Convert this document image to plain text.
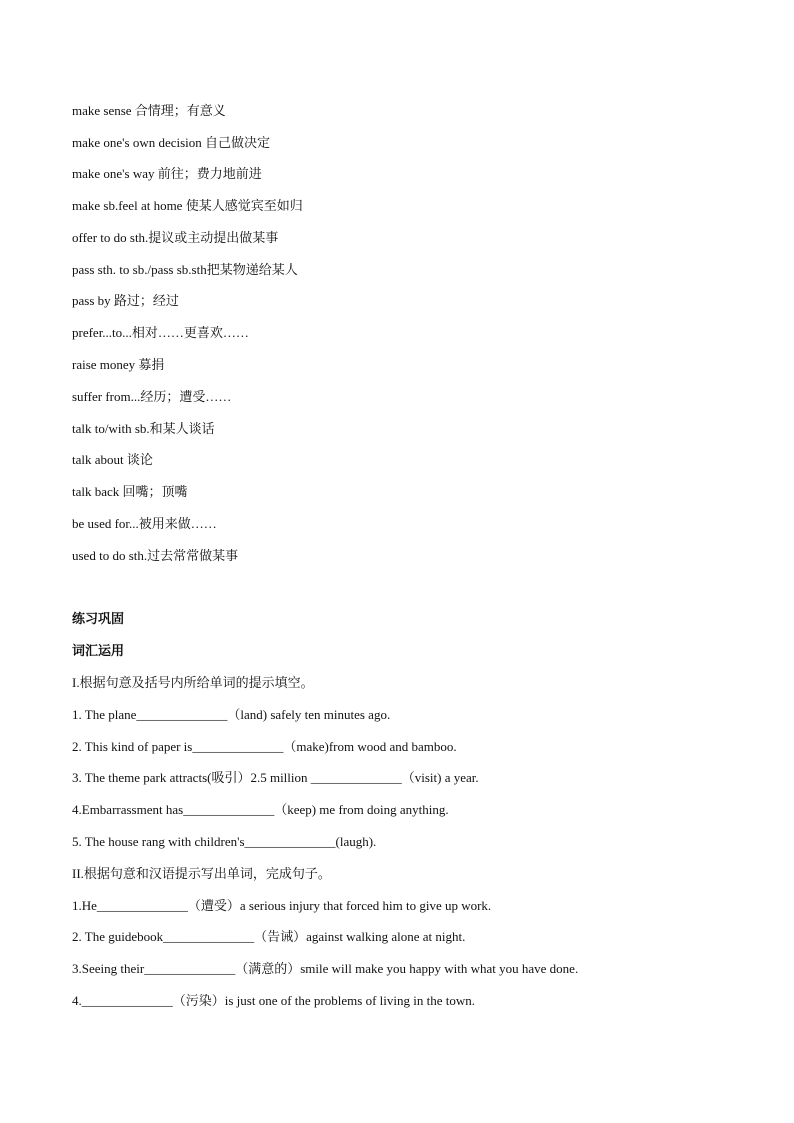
make sense 合情理；有意义
make one's own decision 自己做决定
make one's way 前往；费力地前进
make sb.feel at home 使某人感觉宾至如归
offer to do sth.提议或主动提出做某事
pass sth. to sb./pass sb.sth把某物递给某人
pass by 路过；经过
prefer...to...相对……更喜欢……
raise money 募捐
suffer from...经历；遭受……
talk to/with sb.和某人谈话
talk about 谈论
talk back 回嘴；顶嘴
be used for...被用来做……
used to do sth.过去常常做某事
练习巩固
词汇运用
I.根据句意及括号内所给单词的提示填空。
1. The plane______________（land) safely ten minutes ago.
2. This kind of paper is______________（make)from wood and bamboo.
3. The theme park attracts(吸引）2.5 million ______________（visit) a year.
4.Embarrassment has______________（keep) me from doing anything.
5. The house rang with children's______________(laugh).
II.根据句意和汉语提示写出单词，完成句子。
1.He______________（遭受）a serious injury that forced him to give up work.
2. The guidebook______________（告诫）against walking alone at night.
3.Seeing their______________（满意的）smile will make you happy with what you have done.
4.______________（污染）is just one of the problems of living in the town.
